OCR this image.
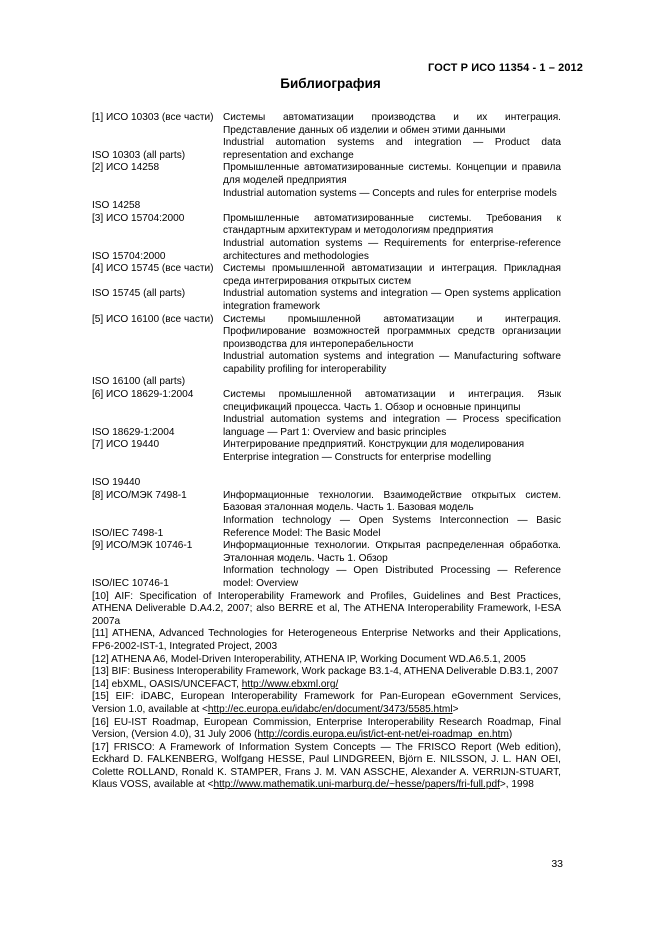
ГОСТ Р ИСО 11354 - 1 – 2012
Библиография
[1] ИСО 10303 (все части)
ISO 10303 (all parts)
Системы автоматизации производства и их интеграция. Представление данных об изделии и обмен этими данными
Industrial automation systems and integration — Product data representation and exchange
[2] ИСО 14258
ISO 14258
Промышленные автоматизированные системы. Концепции и правила для моделей предприятия
Industrial automation systems — Concepts and rules for enterprise models
[3] ИСО 15704:2000
ISO 15704:2000
Промышленные автоматизированные системы. Требования к стандартным архитектурам и методологиям предприятия
Industrial automation systems — Requirements for enterprise-reference architectures and methodologies
[4] ИСО 15745 (все части)
ISO 15745 (all parts)
Системы промышленной автоматизации и интеграция. Прикладная среда интегрирования открытых систем
Industrial automation systems and integration — Open systems application integration framework
[5] ИСО 16100 (все части)
ISO 16100 (all parts)
Системы промышленной автоматизации и интеграция. Профилирование возможностей программных средств организации производства для интероперабельности
Industrial automation systems and integration — Manufacturing software capability profiling for interoperability
[6] ИСО 18629-1:2004
ISO 18629-1:2004
Системы промышленной автоматизации и интеграция. Язык спецификаций процесса. Часть 1. Обзор и основные принципы
Industrial automation systems and integration — Process specification language — Part 1: Overview and basic principles
[7] ИСО 19440
ISO 19440
Интегрирование предприятий. Конструкции для моделирования
Enterprise integration — Constructs for enterprise modelling
[8] ИСО/МЭК 7498-1
ISO/IEC 7498-1
Информационные технологии. Взаимодействие открытых систем. Базовая эталонная модель. Часть 1. Базовая модель
Information technology — Open Systems Interconnection — Basic Reference Model: The Basic Model
[9] ИСО/МЭК 10746-1
ISO/IEC 10746-1
Информационные технологии. Открытая распределенная обработка. Эталонная модель. Часть 1. Обзор
Information technology — Open Distributed Processing — Reference model: Overview
[10] AIF: Specification of Interoperability Framework and Profiles, Guidelines and Best Practices, ATHENA Deliverable D.A4.2, 2007; also BERRE et al, The ATHENA Interoperability Framework, I-ESA 2007a
[11] ATHENA, Advanced Technologies for Heterogeneous Enterprise Networks and their Applications, FP6-2002-IST-1, Integrated Project, 2003
[12] ATHENA A6, Model-Driven Interoperability, ATHENA IP, Working Document WD.A6.5.1, 2005
[13] BIF: Business Interoperability Framework, Work package B3.1-4, ATHENA Deliverable D.B3.1, 2007
[14] ebXML, OASIS/UNCEFACT, http://www.ebxml.org/
[15] EIF: iDABC, European Interoperability Framework for Pan-European eGovernment Services, Version 1.0, available at <http://ec.europa.eu/idabc/en/document/3473/5585.html>
[16] EU-IST Roadmap, European Commission, Enterprise Interoperability Research Roadmap, Final Version, (Version 4.0), 31 July 2006 (http://cordis.europa.eu/ist/ict-ent-net/ei-roadmap_en.htm)
[17] FRISCO: A Framework of Information System Concepts — The FRISCO Report (Web edition), Eckhard D. FALKENBERG, Wolfgang HESSE, Paul LINDGREEN, Björn E. NILSSON, J. L. HAN OEI, Colette ROLLAND, Ronald K. STAMPER, Frans J. M. VAN ASSCHE, Alexander A. VERRIJN-STUART, Klaus VOSS, available at <http://www.mathematik.uni-marburg.de/~hesse/papers/fri-full.pdf>, 1998
33
